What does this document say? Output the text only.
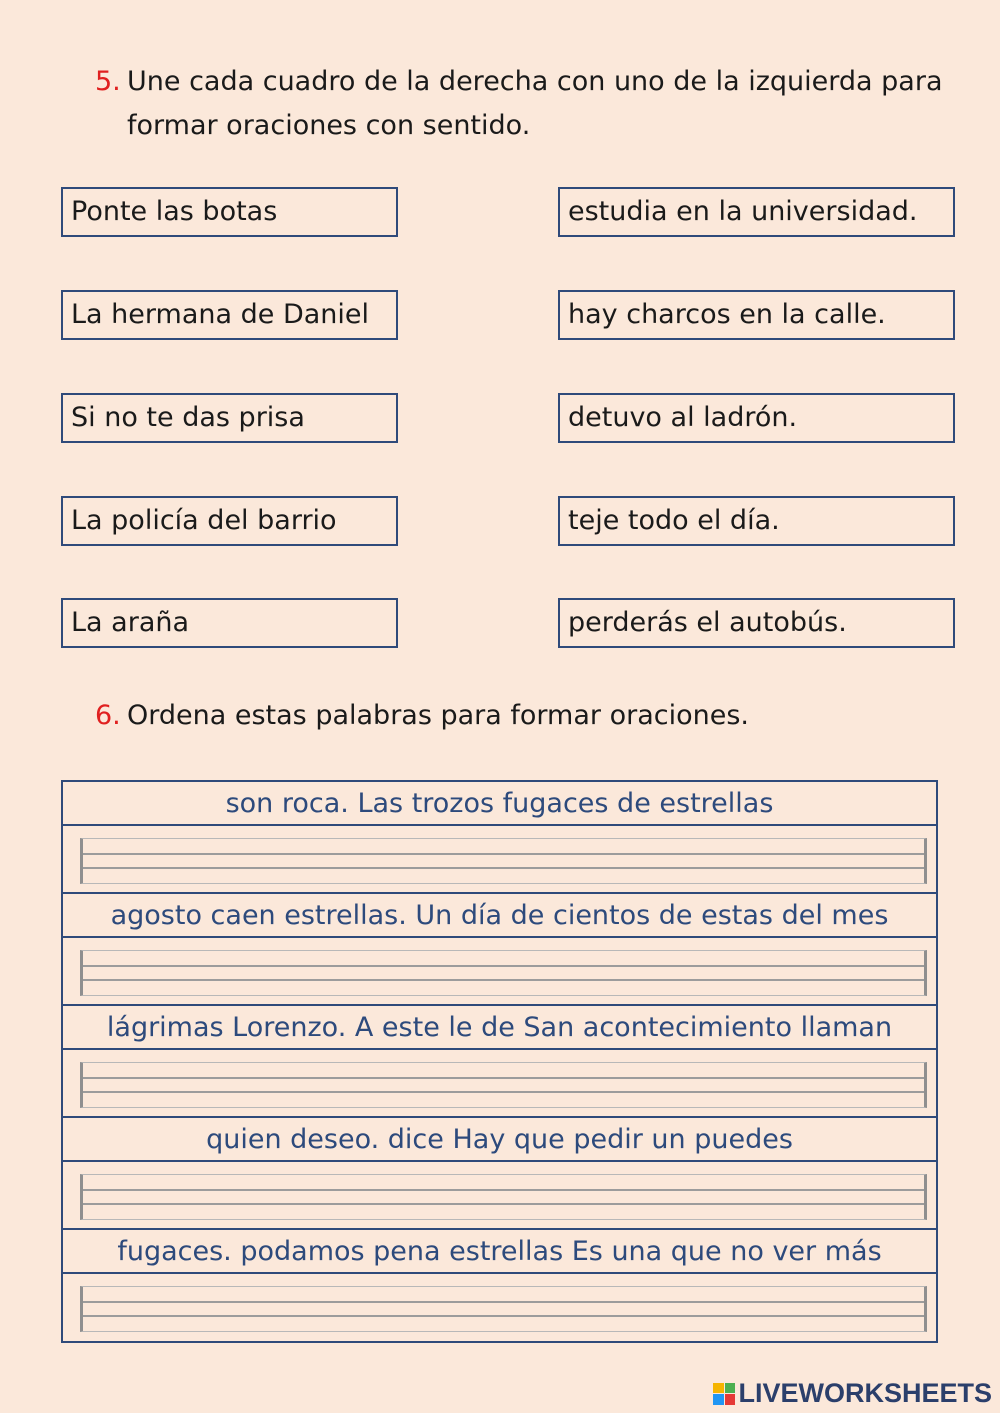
5. Une cada cuadro de la derecha con uno de la izquierda para
formar oraciones con sentido.
Ponte las botas
La hermana de Daniel
Si no te das prisa
La policía del barrio
La araña
estudia en la universidad.
hay charcos en la calle.
detuvo al ladrón.
teje todo el día.
perderás el autobús.
6. Ordena estas palabras para formar oraciones.
son roca. Las trozos fugaces de estrellas
agosto caen estrellas. Un día de cientos de estas del mes
lágrimas Lorenzo. A este le de San acontecimiento llaman
quien deseo. dice Hay que pedir un puedes
fugaces. podamos pena estrellas Es una que no ver más
LIVEWORKSHEETS
